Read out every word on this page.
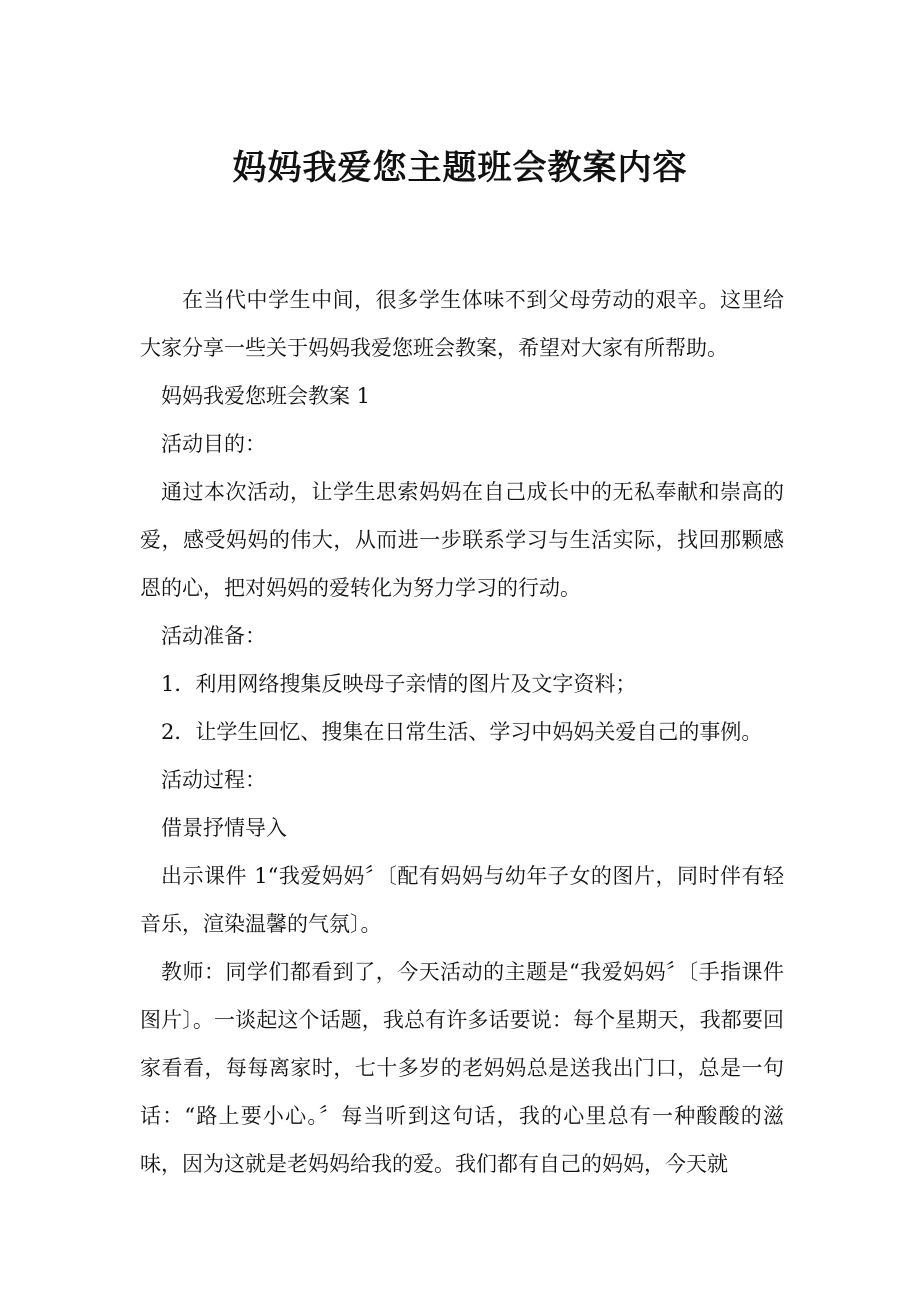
妈妈我爱您主题班会教案内容

在当代中学生中间，很多学生体味不到父母劳动的艰辛。这里给大家分享一些关于妈妈我爱您班会教案，希望对大家有所帮助。

妈妈我爱您班会教案 1

活动目的：

通过本次活动，让学生思索妈妈在自己成长中的无私奉献和崇高的爱，感受妈妈的伟大，从而进一步联系学习与生活实际，找回那颗感恩的心，把对妈妈的爱转化为努力学习的行动。

活动准备：

1．利用网络搜集反映母子亲情的图片及文字资料；

2．让学生回忆、搜集在日常生活、学习中妈妈关爱自己的事例。

活动过程：

借景抒情导入

出示课件 1“我爱妈妈〞〔配有妈妈与幼年子女的图片，同时伴有轻音乐，渲染温馨的气氛〕。

教师：同学们都看到了，今天活动的主题是“我爱妈妈〞〔手指课件图片〕。一谈起这个话题，我总有许多话要说：每个星期天，我都要回家看看，每每离家时，七十多岁的老妈妈总是送我出门口，总是一句话：“路上要小心。〞每当听到这句话，我的心里总有一种酸酸的滋味，因为这就是老妈妈给我的爱。我们都有自己的妈妈，今天就
